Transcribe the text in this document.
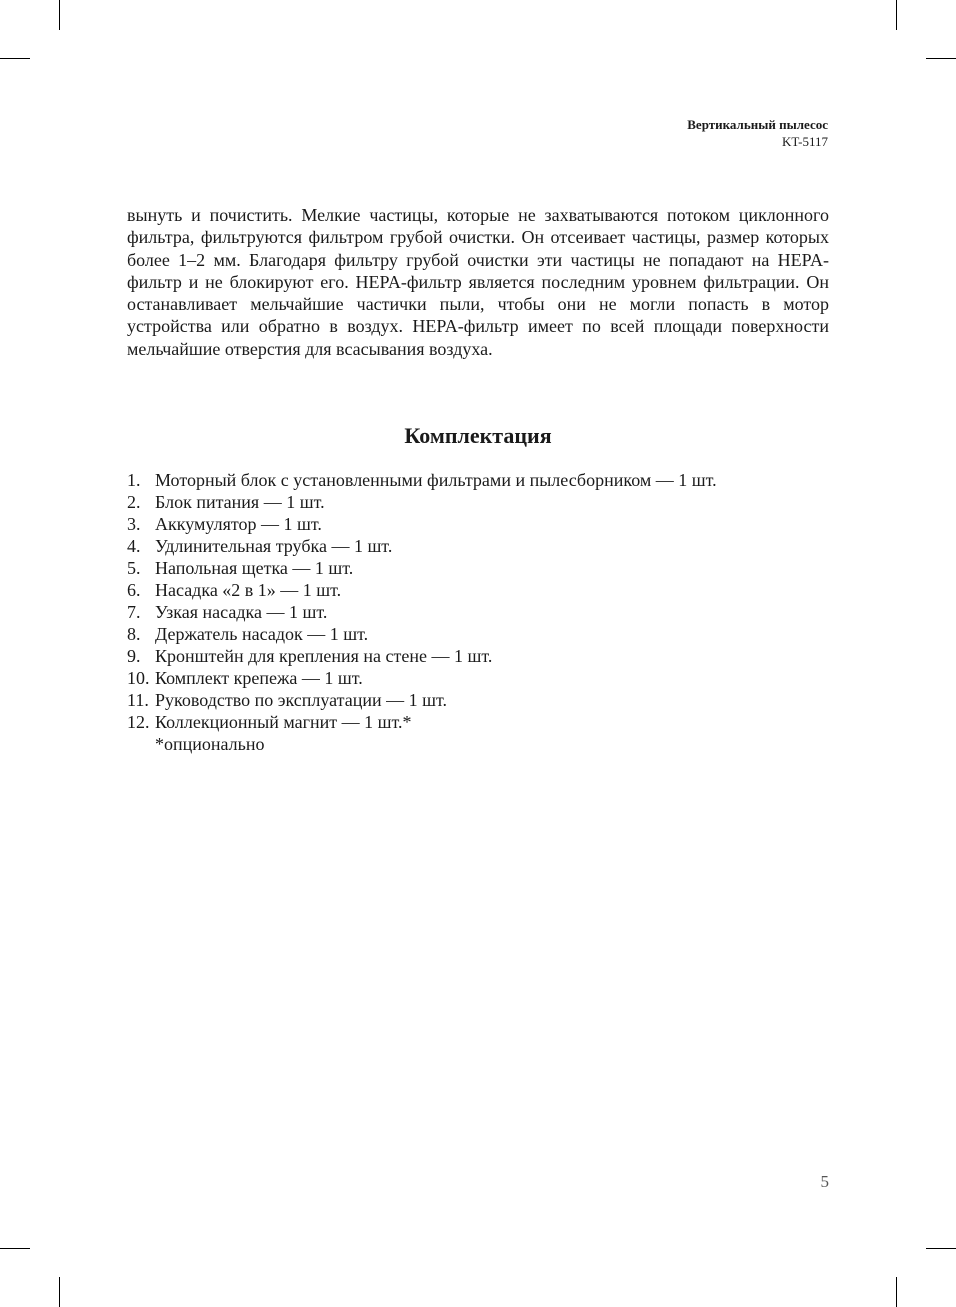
Вертикальный пылесос
KT-5117

вынуть и почистить. Мелкие частицы, которые не захватываются потоком циклонного фильтра, фильтруются фильтром грубой очистки. Он отсеивает частицы, размер которых более 1–2 мм. Благодаря фильтру грубой очистки эти частицы не попадают на HEPA-фильтр и не блокируют его. HEPA-фильтр является последним уровнем фильтрации. Он останавливает мельчайшие частички пыли, чтобы они не могли попасть в мотор устройства или обратно в воздух. HEPA-фильтр имеет по всей площади поверхности мельчайшие отверстия для всасывания воздуха.

Комплектация
1. Моторный блок с установленными фильтрами и пылесборником — 1 шт.
2. Блок питания — 1 шт.
3. Аккумулятор — 1 шт.
4. Удлинительная трубка — 1 шт.
5. Напольная щетка — 1 шт.
6. Насадка «2 в 1» — 1 шт.
7. Узкая насадка — 1 шт.
8. Держатель насадок — 1 шт.
9. Кронштейн для крепления на стене — 1 шт.
10. Комплект крепежа — 1 шт.
11. Руководство по эксплуатации — 1 шт.
12. Коллекционный магнит — 1 шт.*
*опционально
5
